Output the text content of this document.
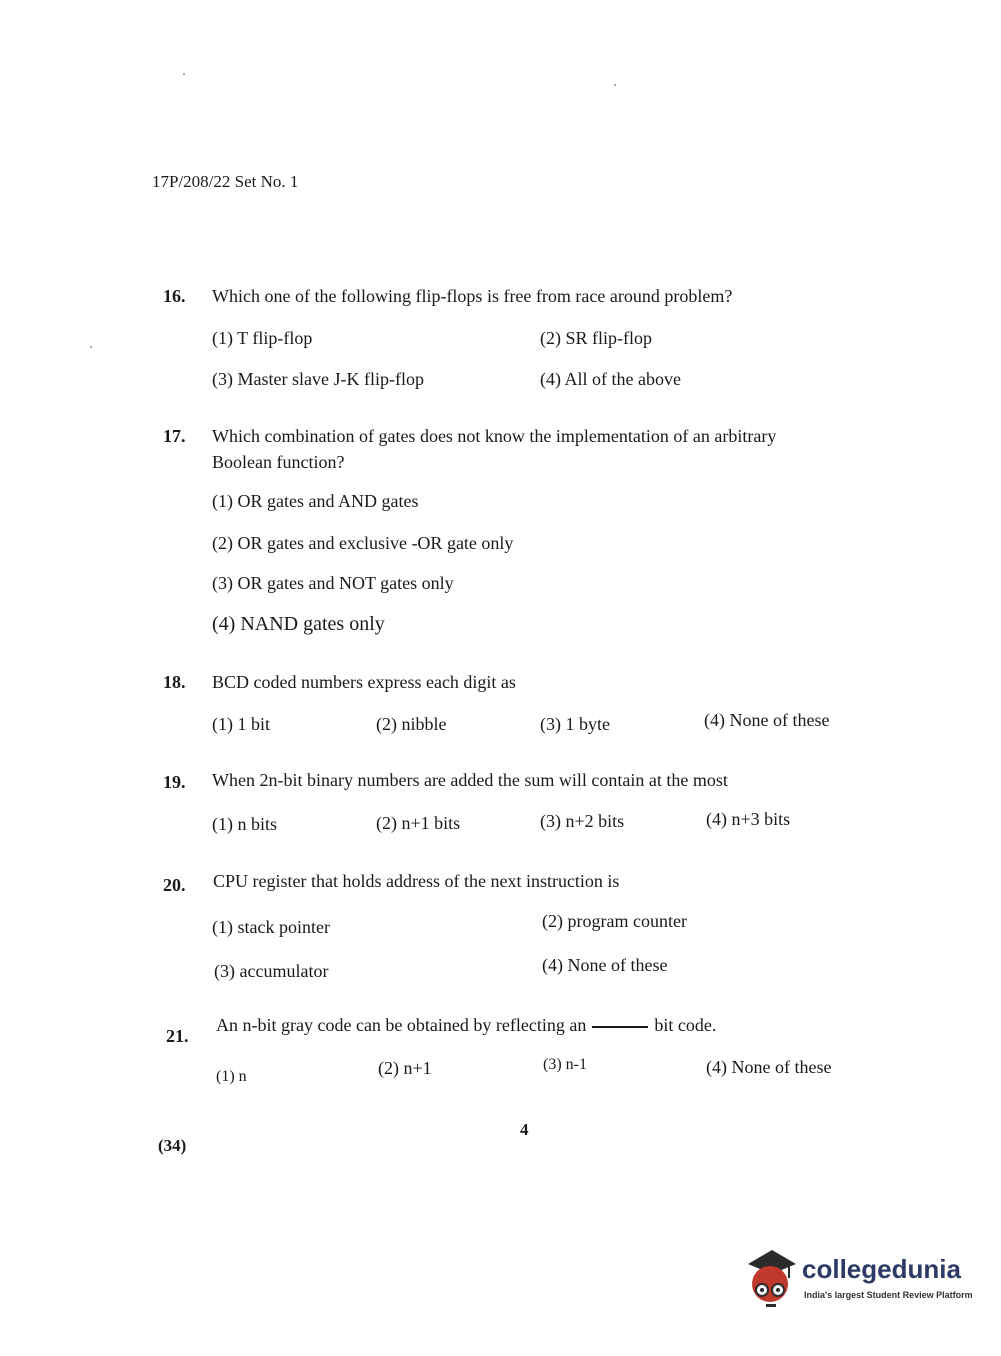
17P/208/22 Set No. 1
16. Which one of the following flip-flops is free from race around problem?
(1) T flip-flop	(2) SR flip-flop
(3) Master slave J-K flip-flop	(4) All of the above
17. Which combination of gates does not know the implementation of an arbitrary
Boolean function?
(1) OR gates and AND gates
(2) OR gates and exclusive -OR gate only
(3) OR gates and NOT gates only
(4) NAND gates only
18. BCD coded numbers express each digit as
(1) 1 bit	(2) nibble	(3) 1 byte	(4) None of these
19. When 2n-bit binary numbers are added the sum will contain at the most
(1) n bits	(2) n+1 bits	(3) n+2 bits	(4) n+3 bits
20. CPU register that holds address of the next instruction is
(1) stack pointer	(2) program counter
(3) accumulator	(4) None of these
21.
An n-bit gray code can be obtained by reflecting an	bit code.
(1) n	(2) n+1	(3) n-1	(4) None of these
4
(34)
collegedunia
India's largest Student Review Platform
